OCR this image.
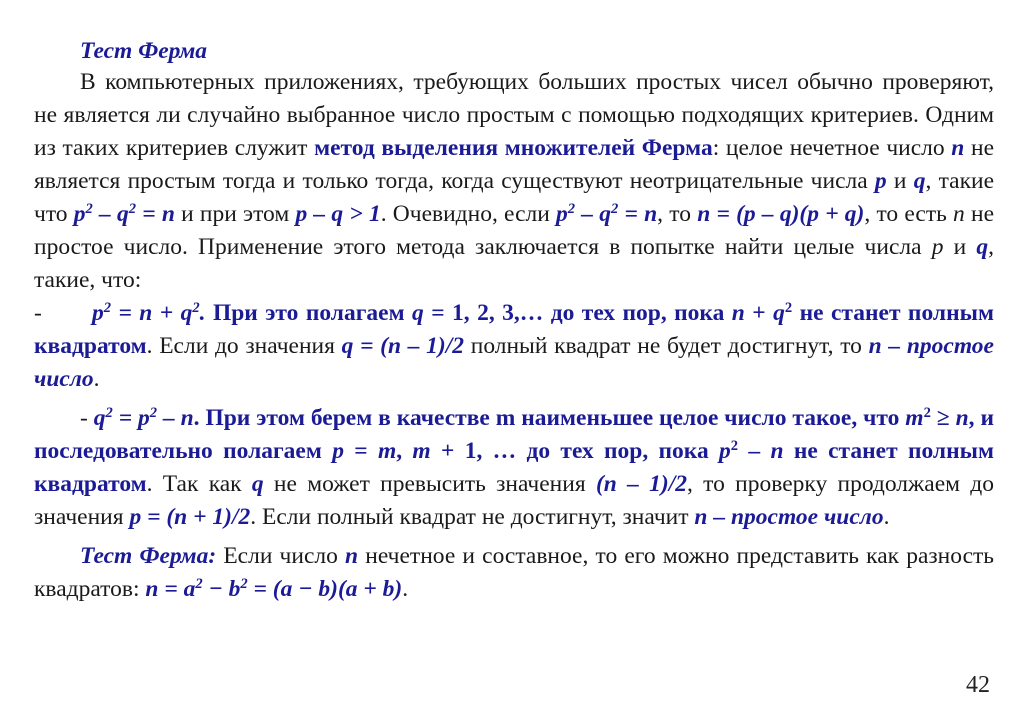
Тест Ферма

В компьютерных приложениях, требующих больших простых чисел обычно проверяют, не является ли случайно выбранное число простым с помощью подходящих критериев. Одним из таких критериев служит метод выделения множителей Ферма: целое нечетное число n не является простым тогда и только тогда, когда существуют неотрицательные числа p и q, такие что $p^2 - q^2 = n$ и при этом p – q > 1. Очевидно, если $p^2 - q^2 = n$, то n = (p – q)(p + q), то есть n не простое число. Применение этого метода заключается в попытке найти целые числа p и q, такие, что:

- $p^2 = n + q^2$. При это полагаем q = 1, 2, 3,… до тех пор, пока $n + q^2$ не станет полным квадратом. Если до значения q = (n – 1)/2 полный квадрат не будет достигнут, то n – простое число.

- $q^2 = p^2 - n$. При этом берем в качестве m наименьшее целое число такое, что $m^2 \ge n$, и последовательно полагаем p = m, m + 1, … до тех пор, пока $p^2$ – n не станет полным квадратом. Так как q не может превысить значения (n – 1)/2, то проверку продолжаем до значения p = (n + 1)/2. Если полный квадрат не достигнут, значит n – простое число.

Тест Ферма: Если число n нечетное и составное, то его можно представить как разность квадратов: $n = a^2 - b^2 = (a - b)(a + b)$.

42
